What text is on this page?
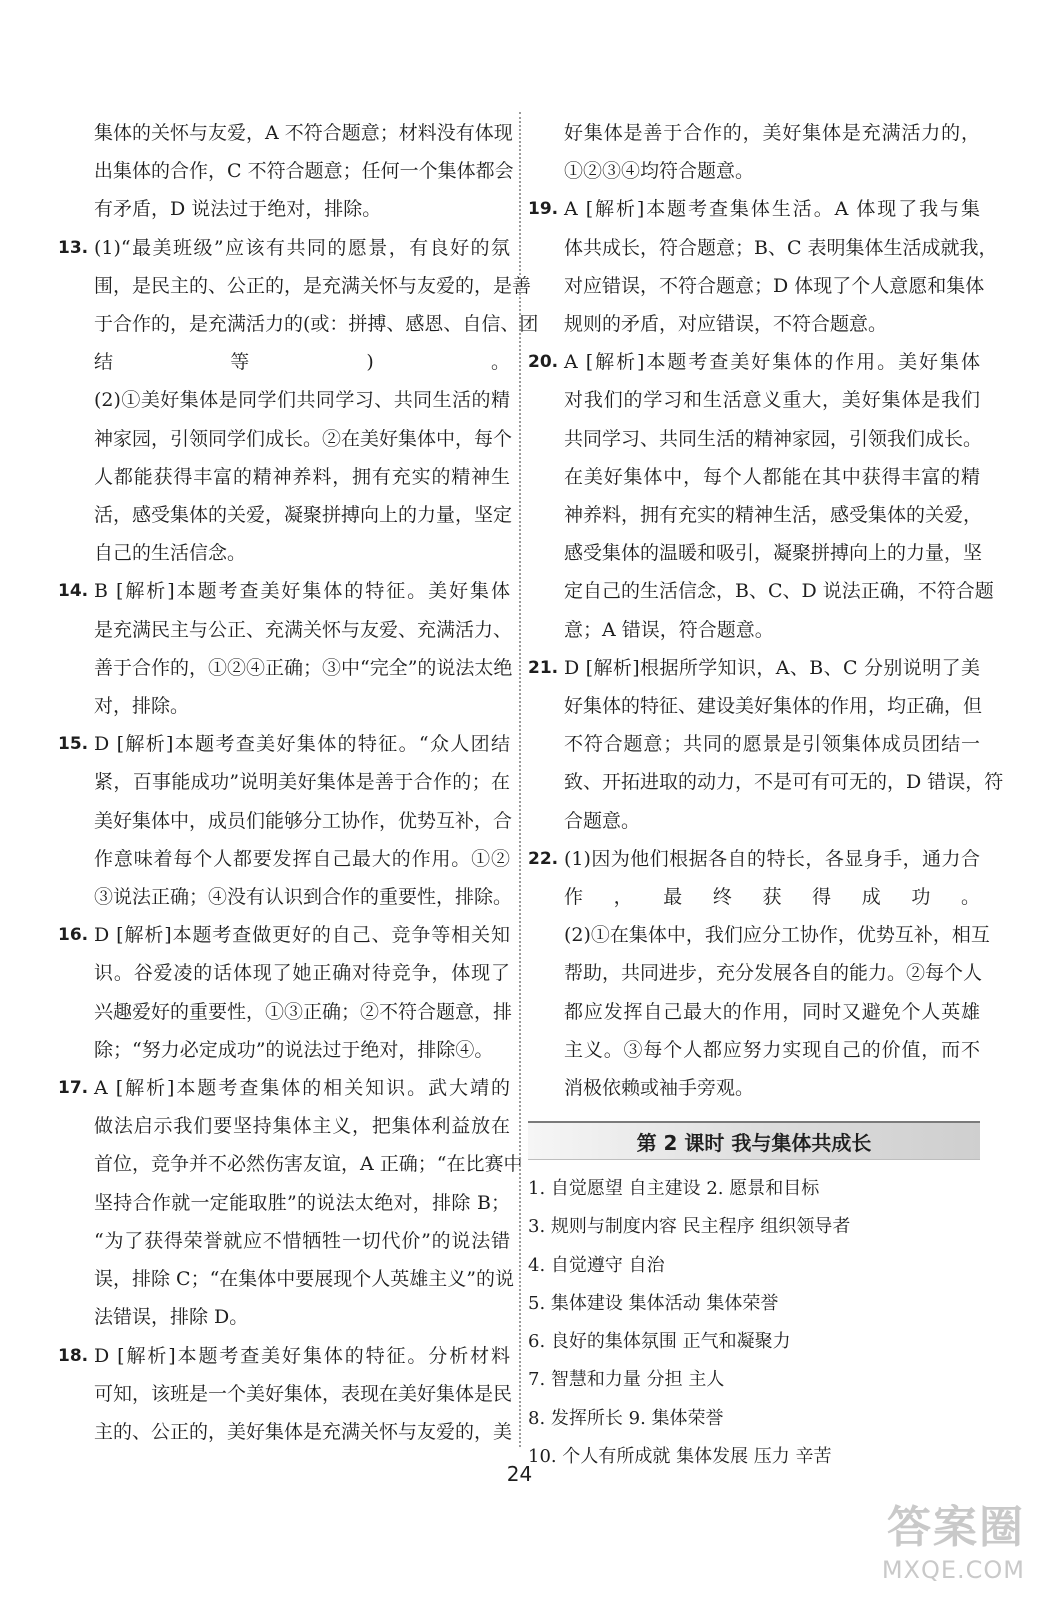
集体的关怀与友爱，A 不符合题意；材料没有体现

出集体的合作，C 不符合题意；任何一个集体都会

有矛盾，D 说法过于绝对，排除。

13. (1)“最美班级”应该有共同的愿景，有良好的氛

围，是民主的、公正的，是充满关怀与友爱的，是善

于合作的，是充满活力的(或：拼搏、感恩、自信、团

结等)。

(2)①美好集体是同学们共同学习、共同生活的精

神家园，引领同学们成长。②在美好集体中，每个

人都能获得丰富的精神养料，拥有充实的精神生

活，感受集体的关爱，凝聚拼搏向上的力量，坚定

自己的生活信念。

14. B [解析]本题考查美好集体的特征。美好集体

是充满民主与公正、充满关怀与友爱、充满活力、

善于合作的，①②④正确；③中“完全”的说法太绝

对，排除。

15. D [解析]本题考查美好集体的特征。“众人团结

紧，百事能成功”说明美好集体是善于合作的；在

美好集体中，成员们能够分工协作，优势互补，合

作意味着每个人都要发挥自己最大的作用。①②

③说法正确；④没有认识到合作的重要性，排除。

16. D [解析]本题考查做更好的自己、竞争等相关知

识。谷爱凌的话体现了她正确对待竞争，体现了

兴趣爱好的重要性，①③正确；②不符合题意，排

除；“努力必定成功”的说法过于绝对，排除④。

17. A [解析]本题考查集体的相关知识。武大靖的

做法启示我们要坚持集体主义，把集体利益放在

首位，竞争并不必然伤害友谊，A 正确；“在比赛中

坚持合作就一定能取胜”的说法太绝对，排除 B；

“为了获得荣誉就应不惜牺牲一切代价”的说法错

误，排除 C；“在集体中要展现个人英雄主义”的说

法错误，排除 D。

18. D [解析]本题考查美好集体的特征。分析材料

可知，该班是一个美好集体，表现在美好集体是民

主的、公正的，美好集体是充满关怀与友爱的，美

好集体是善于合作的，美好集体是充满活力的，

①②③④均符合题意。

19. A [解析]本题考查集体生活。A 体现了我与集

体共成长，符合题意；B、C 表明集体生活成就我，

对应错误，不符合题意；D 体现了个人意愿和集体

规则的矛盾，对应错误，不符合题意。

20. A [解析]本题考查美好集体的作用。美好集体

对我们的学习和生活意义重大，美好集体是我们

共同学习、共同生活的精神家园，引领我们成长。

在美好集体中，每个人都能在其中获得丰富的精

神养料，拥有充实的精神生活，感受集体的关爱，

感受集体的温暖和吸引，凝聚拼搏向上的力量，坚

定自己的生活信念，B、C、D 说法正确，不符合题

意；A 错误，符合题意。

21. D [解析]根据所学知识，A、B、C 分别说明了美

好集体的特征、建设美好集体的作用，均正确，但

不符合题意；共同的愿景是引领集体成员团结一

致、开拓进取的动力，不是可有可无的，D 错误，符

合题意。

22. (1)因为他们根据各自的特长，各显身手，通力合

作，最终获得成功。

(2)①在集体中，我们应分工协作，优势互补，相互

帮助，共同进步，充分发展各自的能力。②每个人

都应发挥自己最大的作用，同时又避免个人英雄

主义。③每个人都应努力实现自己的价值，而不

消极依赖或袖手旁观。

第 2 课时 我与集体共成长

1. 自觉愿望 自主建设 2. 愿景和目标

3. 规则与制度内容 民主程序 组织领导者

4. 自觉遵守 自治

5. 集体建设 集体活动 集体荣誉

6. 良好的集体氛围 正气和凝聚力

7. 智慧和力量 分担 主人

8. 发挥所长 9. 集体荣誉

10. 个人有所成就 集体发展 压力 辛苦

24
答案圈
MXQE.COM
